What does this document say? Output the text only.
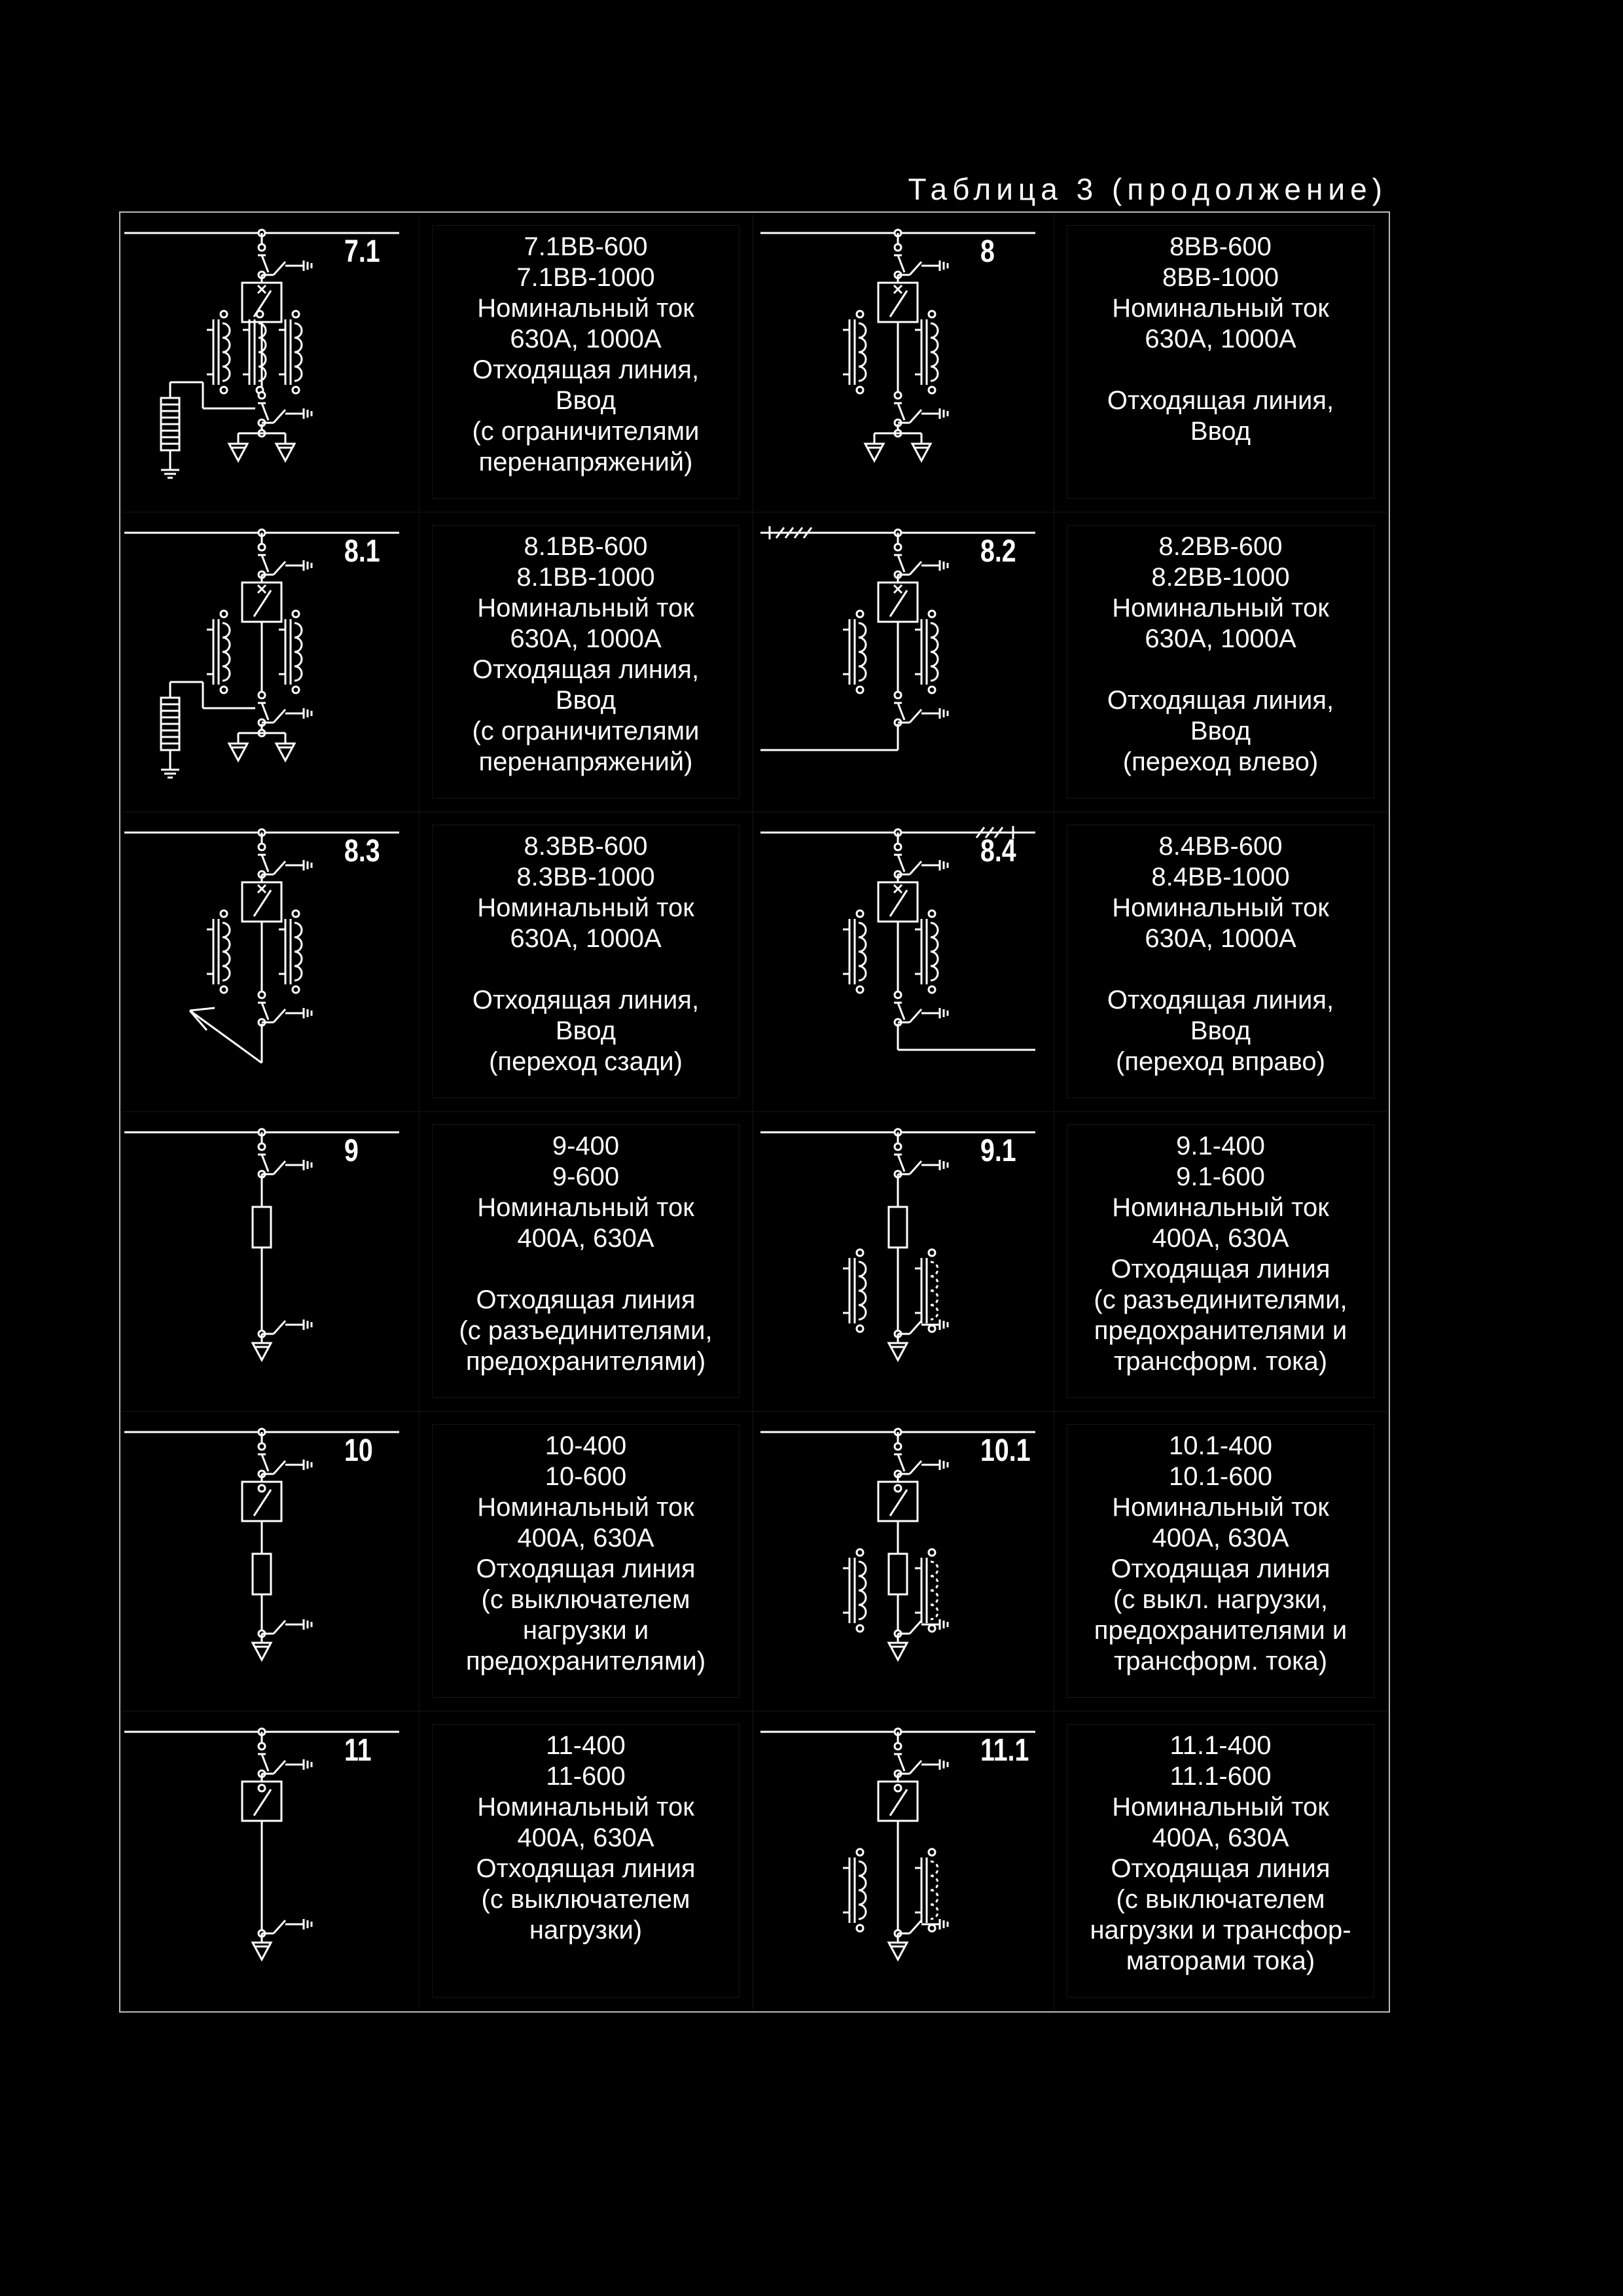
Таблица 3 (продолжение)
7.1	7.1ВВ-600
7.1ВВ-1000
Номинальный ток
630А, 1000А
Отходящая линия,
Ввод
(с ограничителями
перенапряжений)
8	8ВВ-600
8ВВ-1000
Номинальный ток
630А, 1000А

Отходящая линия,
Ввод
8.1	8.1ВВ-600
8.1ВВ-1000
Номинальный ток
630А, 1000А
Отходящая линия,
Ввод
(с ограничителями
перенапряжений)
8.2	8.2ВВ-600
8.2ВВ-1000
Номинальный ток
630А, 1000А

Отходящая линия,
Ввод
(переход влево)
8.3	8.3ВВ-600
8.3ВВ-1000
Номинальный ток
630А, 1000А

Отходящая линия,
Ввод
(переход сзади)
8.4	8.4ВВ-600
8.4ВВ-1000
Номинальный ток
630А, 1000А

Отходящая линия,
Ввод
(переход вправо)
9	9-400
9-600
Номинальный ток
400А, 630А

Отходящая линия
(с разъединителями,
предохранителями)
9.1	9.1-400
9.1-600
Номинальный ток
400А, 630А
Отходящая линия
(с разъединителями,
предохранителями и
трансформ. тока)
10	10-400
10-600
Номинальный ток
400А, 630А
Отходящая линия
(с выключателем
нагрузки и
предохранителями)
10.1	10.1-400
10.1-600
Номинальный ток
400А, 630А
Отходящая линия
(с выкл. нагрузки,
предохранителями и
трансформ. тока)
11	11-400
11-600
Номинальный ток
400А, 630А
Отходящая линия
(с выключателем
нагрузки)
11.1	11.1-400
11.1-600
Номинальный ток
400А, 630А
Отходящая линия
(с выключателем
нагрузки и трансфор-
маторами тока)
